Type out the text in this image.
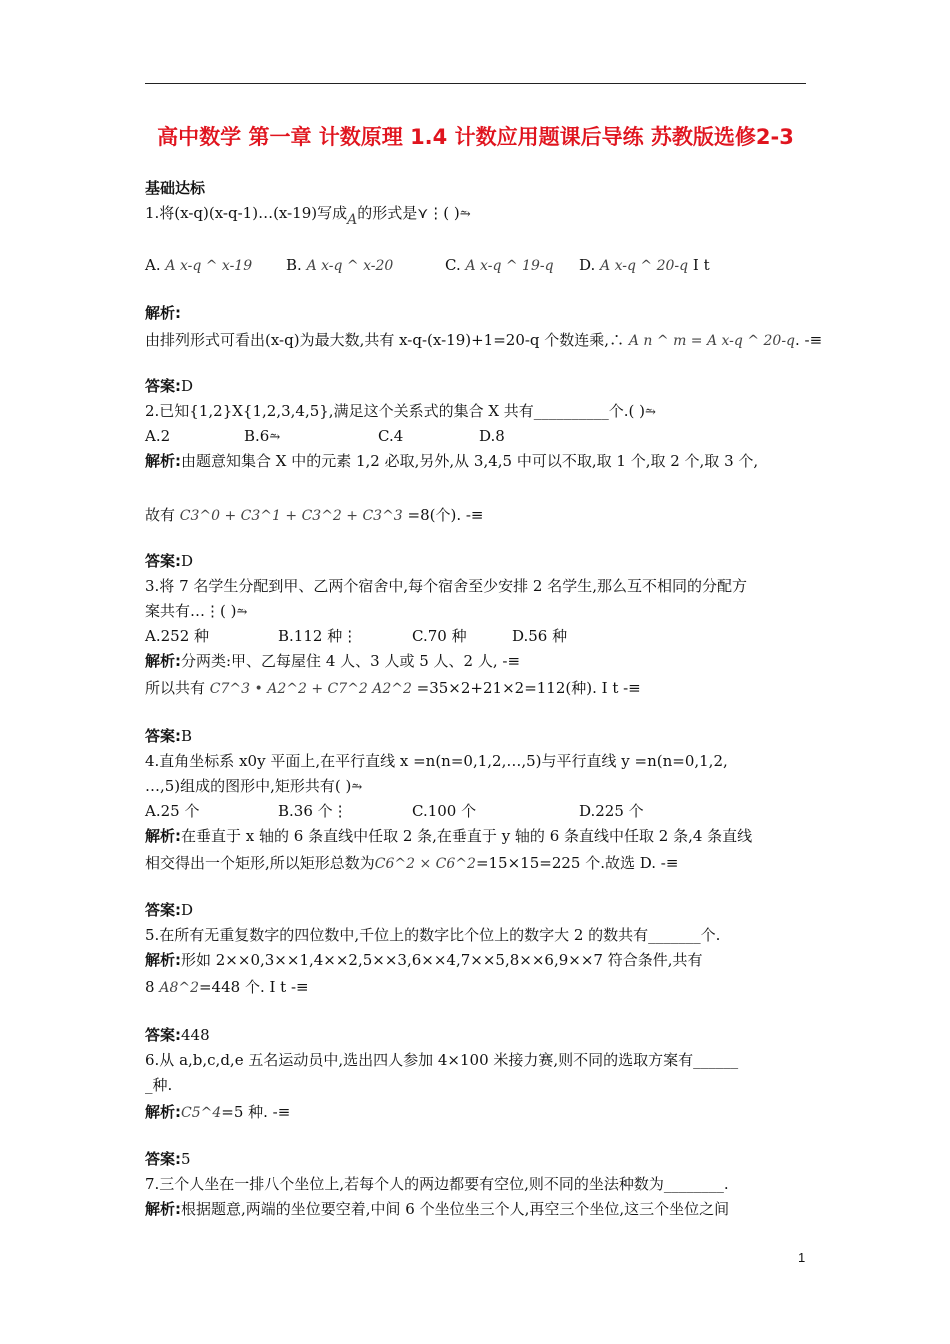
高中数学 第一章 计数原理 1.4 计数应用题课后导练 苏教版选修2-3
基础达标
1.将(x-q)(x-q-1)…(x-19)写成A的形式是⋎⋮( )⥲
A. A x-q ^ x-19 B. A x-q ^ x-20	C. A x-q ^ 19-q D. A x-q ^ 20-q I t
解析:
由排列形式可看出(x-q)为最大数,共有 x-q-(x-19)+1=20-q 个数连乘,∴ A n ^ m = A x-q ^ 20-q. -≡
答案:D
2.已知{1,2}X{1,2,3,4,5},满足这个关系式的集合 X 共有__________个.( )⥲
A.2	B.6⥲	C.4	D.8
解析:由题意知集合 X 中的元素 1,2 必取,另外,从 3,4,5 中可以不取,取 1 个,取 2 个,取 3 个,
故有 C3^0 + C3^1 + C3^2 + C3^3 =8(个). -≡
答案:D
3.将 7 名学生分配到甲、乙两个宿舍中,每个宿舍至少安排 2 名学生,那么互不相同的分配方
案共有…⋮( )⥲
A.252 种	B.112 种⋮	C.70 种	D.56 种
解析:分两类:甲、乙每屋住 4 人、3 人或 5 人、2 人, -≡
所以共有 C7^3 • A2^2 + C7^2 A2^2 =35×2+21×2=112(种). I t -≡
答案:B
4.直角坐标系 x0y 平面上,在平行直线 x =n(n=0,1,2,…,5)与平行直线 y =n(n=0,1,2,
…,5)组成的图形中,矩形共有( )⥲
A.25 个	B.36 个⋮	C.100 个	D.225 个
解析:在垂直于 x 轴的 6 条直线中任取 2 条,在垂直于 y 轴的 6 条直线中任取 2 条,4 条直线
相交得出一个矩形,所以矩形总数为C6^2 × C6^2=15×15=225 个.故选 D. -≡
答案:D
5.在所有无重复数字的四位数中,千位上的数字比个位上的数字大 2 的数共有_______个.
解析:形如 2××0,3××1,4××2,5××3,6××4,7××5,8××6,9××7 符合条件,共有
8 A8^2=448 个. I t -≡
答案:448
6.从 a,b,c,d,e 五名运动员中,选出四人参加 4×100 米接力赛,则不同的选取方案有______
_种.
解析:C5^4=5 种. -≡
答案:5
7.三个人坐在一排八个坐位上,若每个人的两边都要有空位,则不同的坐法种数为________.
解析:根据题意,两端的坐位要空着,中间 6 个坐位坐三个人,再空三个坐位,这三个坐位之间
1
